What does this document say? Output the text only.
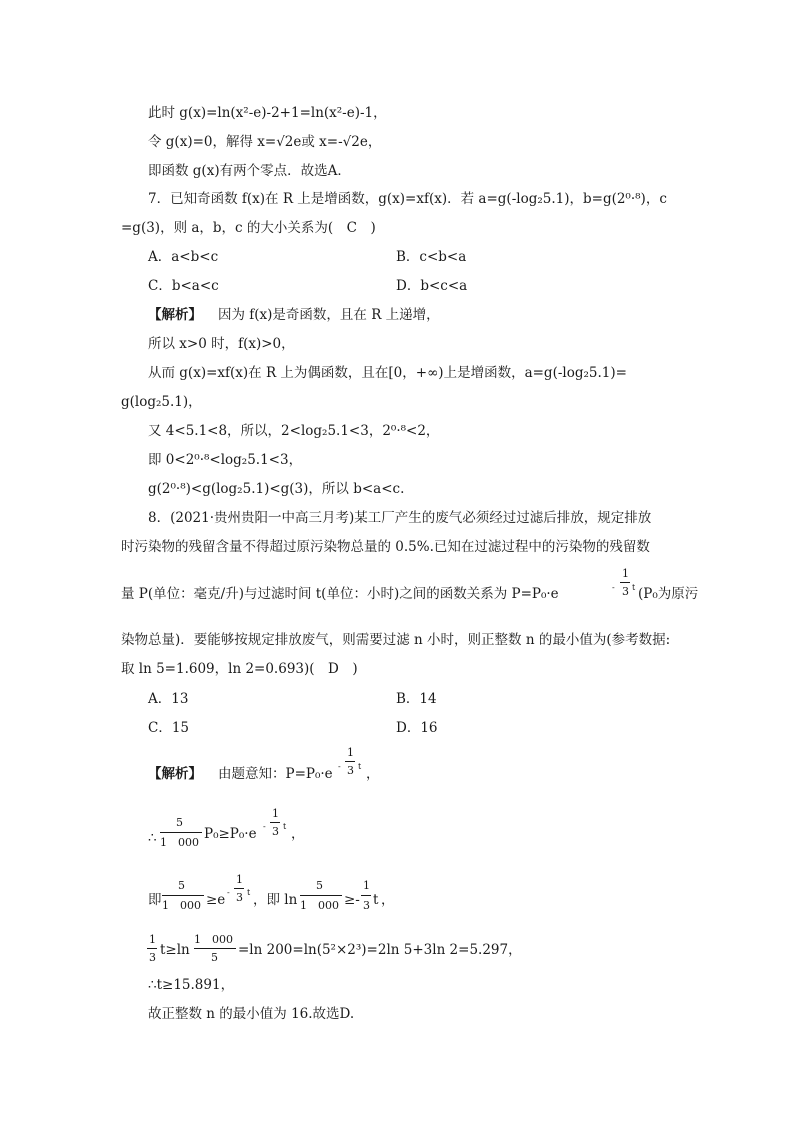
此时 g(x)=ln(x²-e)-2+1=ln(x²-e)-1，
令 g(x)=0，解得 x=√2e或 x=-√2e，
即函数 g(x)有两个零点．故选A．
7．已知奇函数 f(x)在 R 上是增函数，g(x)=xf(x)．若 a=g(-log₂5.1)，b=g(2⁰·⁸)，c
=g(3)，则 a，b，c 的大小关系为(　C　)
A．a<b<c	B．c<b<a
C．b<a<c	D．b<c<a
【解析】 因为 f(x)是奇函数，且在 R 上递增，
所以 x>0 时，f(x)>0，
从而 g(x)=xf(x)在 R 上为偶函数，且在[0，+∞)上是增函数，a=g(-log₂5.1)=
g(log₂5.1)，
又 4<5.1<8，所以，2<log₂5.1<3，2⁰·⁸<2，
即 0<2⁰·⁸<log₂5.1<3，
g(2⁰·⁸)<g(log₂5.1)<g(3)，所以 b<a<c.
8．(2021·贵州贵阳一中高三月考)某工厂产生的废气必须经过过滤后排放，规定排放
时污染物的残留含量不得超过原污染物总量的 0.5%.已知在过滤过程中的污染物的残留数
量 P(单位：毫克/升)与过滤时间 t(单位：小时)之间的函数关系为 P=P₀·e	-
1
3 t (P₀为原污
染物总量)．要能够按规定排放废气，则需要过滤 n 小时，则正整数 n 的最小值为(参考数据:
取 ln 5=1.609，ln 2=0.693)(　D　)
A．13	B．14
C．15	D．16
【解析】 由题意知：P=P₀·e -
1
3 t ，
∴
5
1　000
P₀≥P₀·e -
1
3 t ，
即
5
1　000 ≥e -
1
3 t ，即 ln
5
1　000 ≥-
1
3 t ，
1
3 t≥ln
1　000
5 =ln 200=ln(5²×2³)=2ln 5+3ln 2=5.297，
∴t≥15.891，
故正整数 n 的最小值为 16.故选D.
